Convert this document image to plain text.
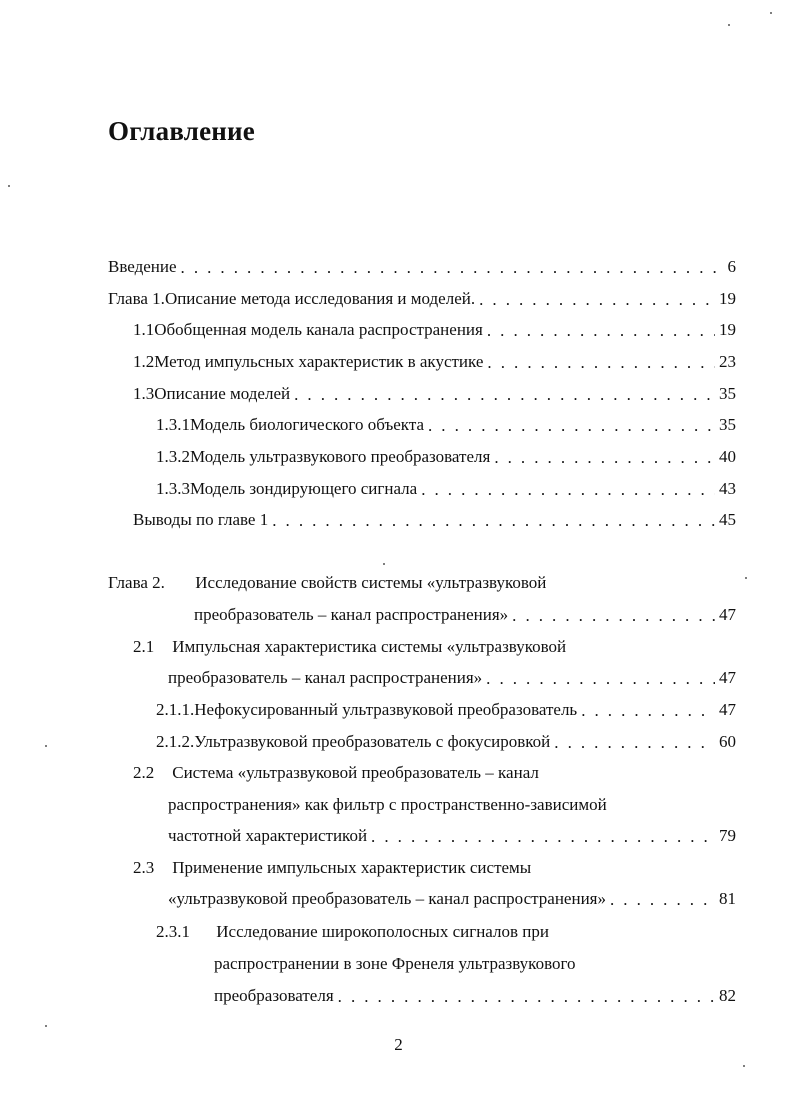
Оглавление
Введение . . .	6
Глава 1. Описание метода исследования и моделей. . . .	19
1.1 Обобщенная модель канала распространения . . .	19
1.2 Метод импульсных характеристик в акустике . . .	23
1.3 Описание моделей . . .	35
1.3.1 Модель биологического объекта . . .	35
1.3.2 Модель ультразвукового преобразователя . . .	40
1.3.3 Модель зондирующего сигнала . . .	43
Выводы по главе 1 . . .	45
Глава 2. Исследование свойств системы «ультразвуковой
преобразователь – канал распространения» . . .	47
2.1 Импульсная характеристика системы «ультразвуковой
преобразователь – канал распространения» . . .	47
2.1.1. Нефокусированный ультразвуковой преобразователь . . .	47
2.1.2. Ультразвуковой преобразователь с фокусировкой . . .	60
2.2 Система «ультразвуковой преобразователь – канал
распространения» как фильтр с пространственно-зависимой
частотной характеристикой . . .	79
2.3 Применение импульсных характеристик системы
«ультразвуковой преобразователь – канал распространения» . . .	81
2.3.1 Исследование широкополосных сигналов при
распространении в зоне Френеля ультразвукового
преобразователя . . .	82
2
